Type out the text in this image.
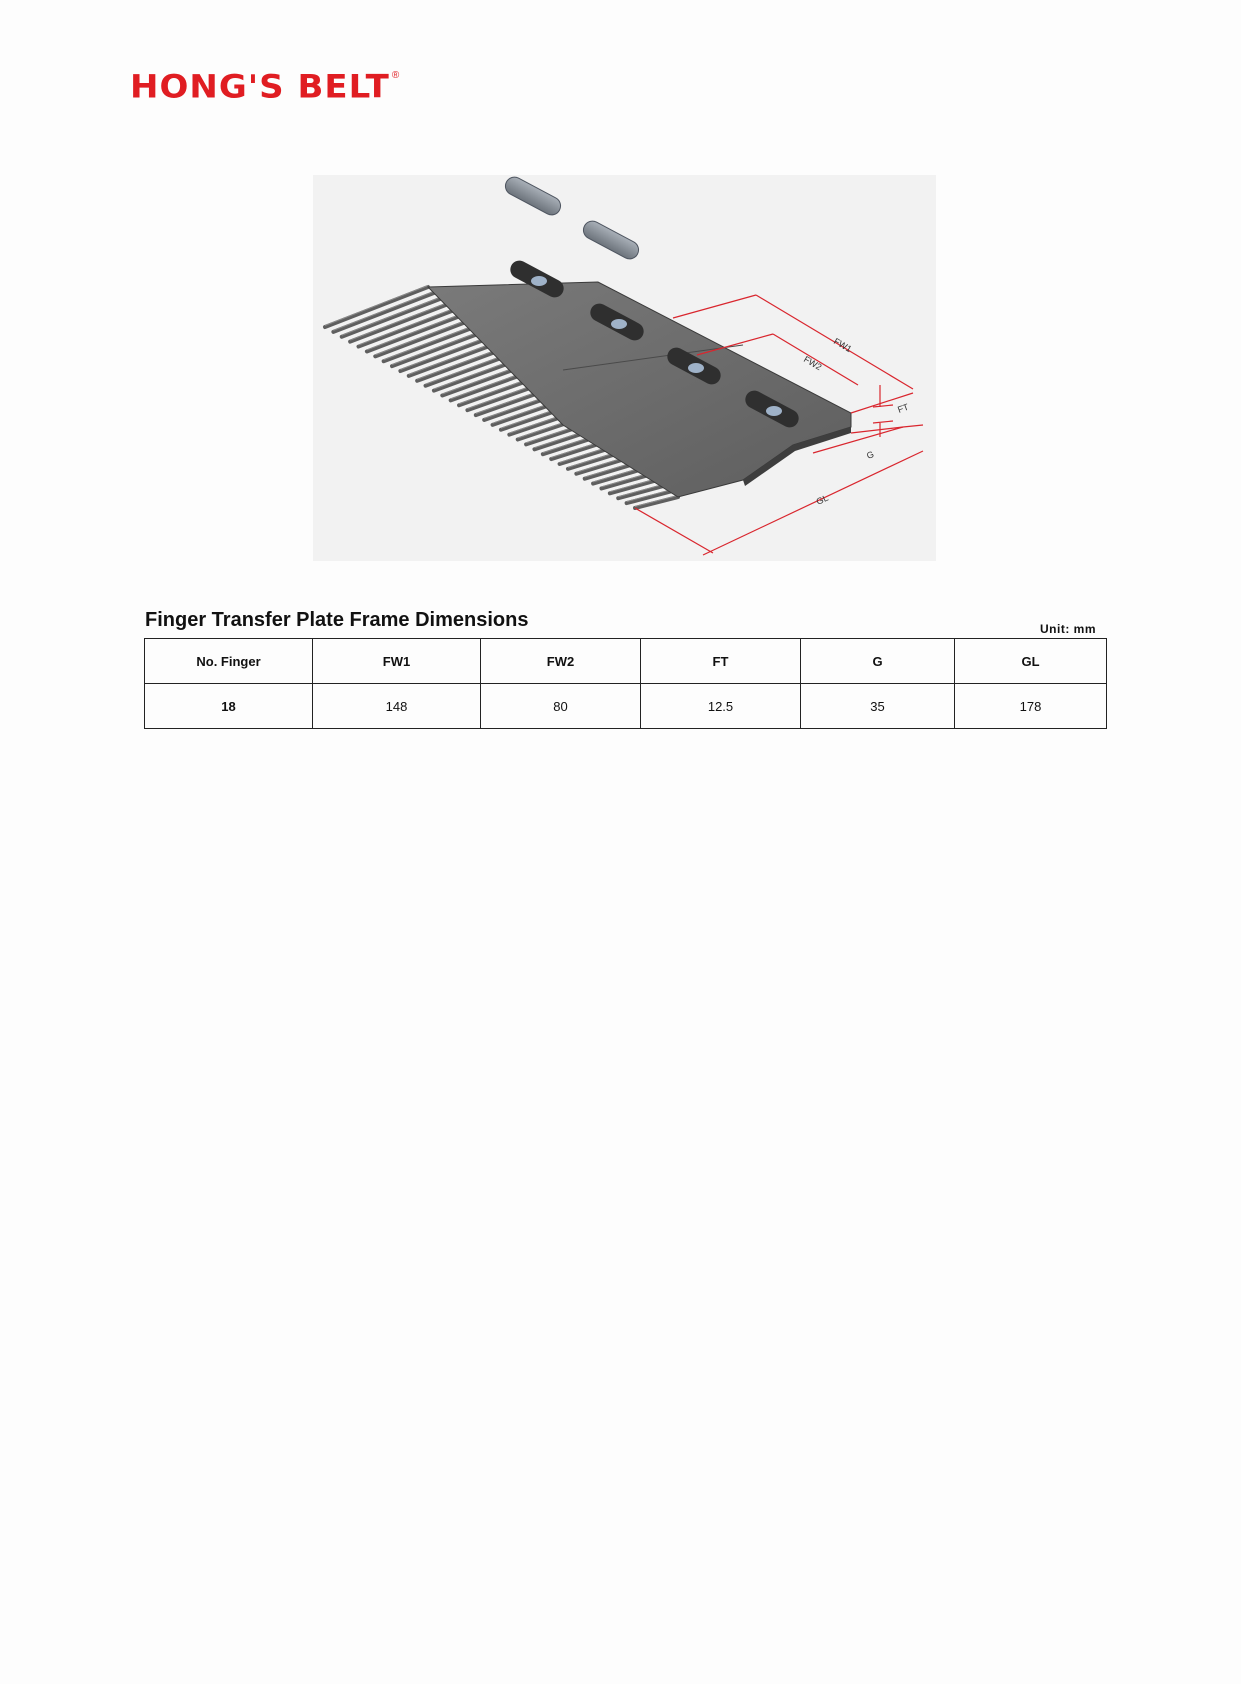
HONG'S BELT ®
FW1
FW2
FT
G
GL
Finger Transfer Plate Frame Dimensions	Unit: mm
No. Finger	FW1	FW2	FT	G	GL
18	148	80	12.5	35	178
